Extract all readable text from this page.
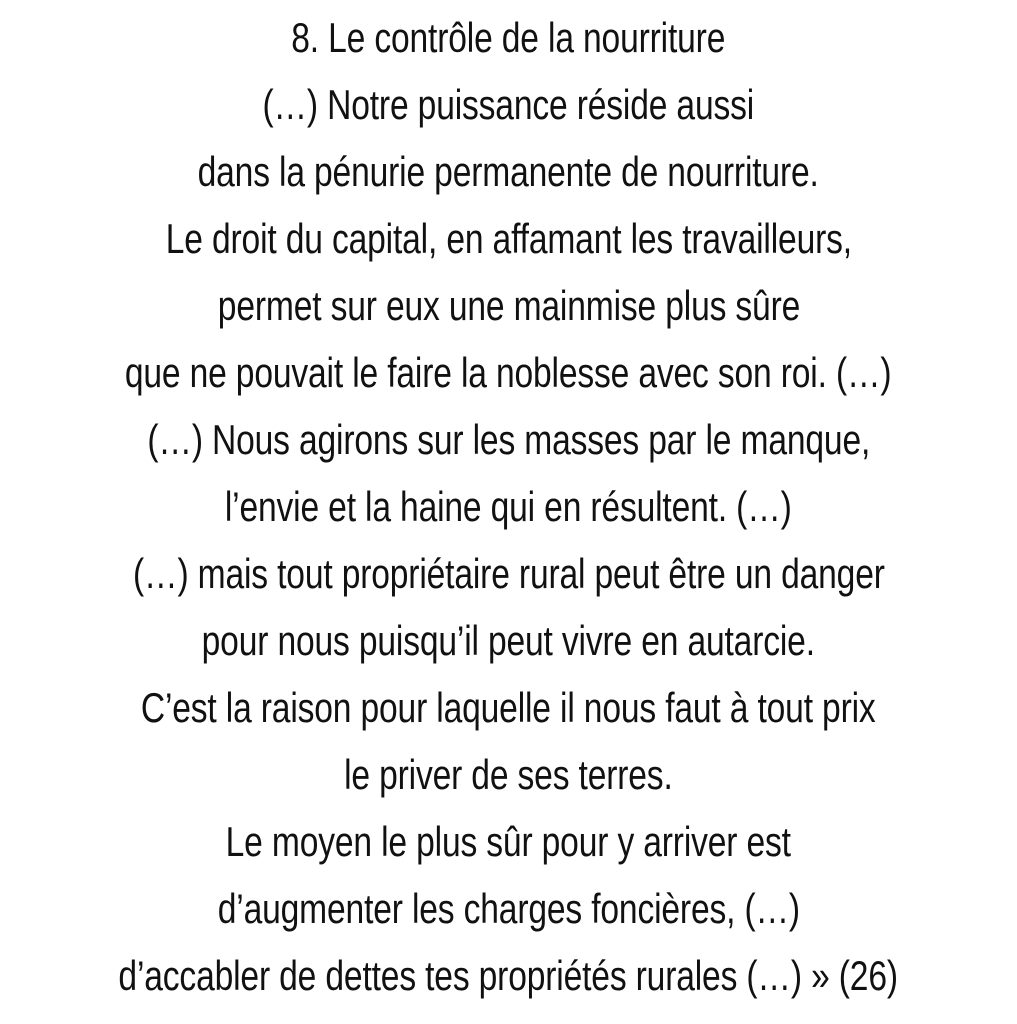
8. Le contrôle de la nourriture
(…) Notre puissance réside aussi
dans la pénurie permanente de nourriture.
Le droit du capital, en affamant les travailleurs,
permet sur eux une mainmise plus sûre
que ne pouvait le faire la noblesse avec son roi. (…)
(…) Nous agirons sur les masses par le manque,
l’envie et la haine qui en résultent. (…)
(…) mais tout propriétaire rural peut être un danger
pour nous puisqu’il peut vivre en autarcie.
C’est la raison pour laquelle il nous faut à tout prix
le priver de ses terres.
Le moyen le plus sûr pour y arriver est
d’augmenter les charges foncières, (…)
d’accabler de dettes tes propriétés rurales (…) » (26)
